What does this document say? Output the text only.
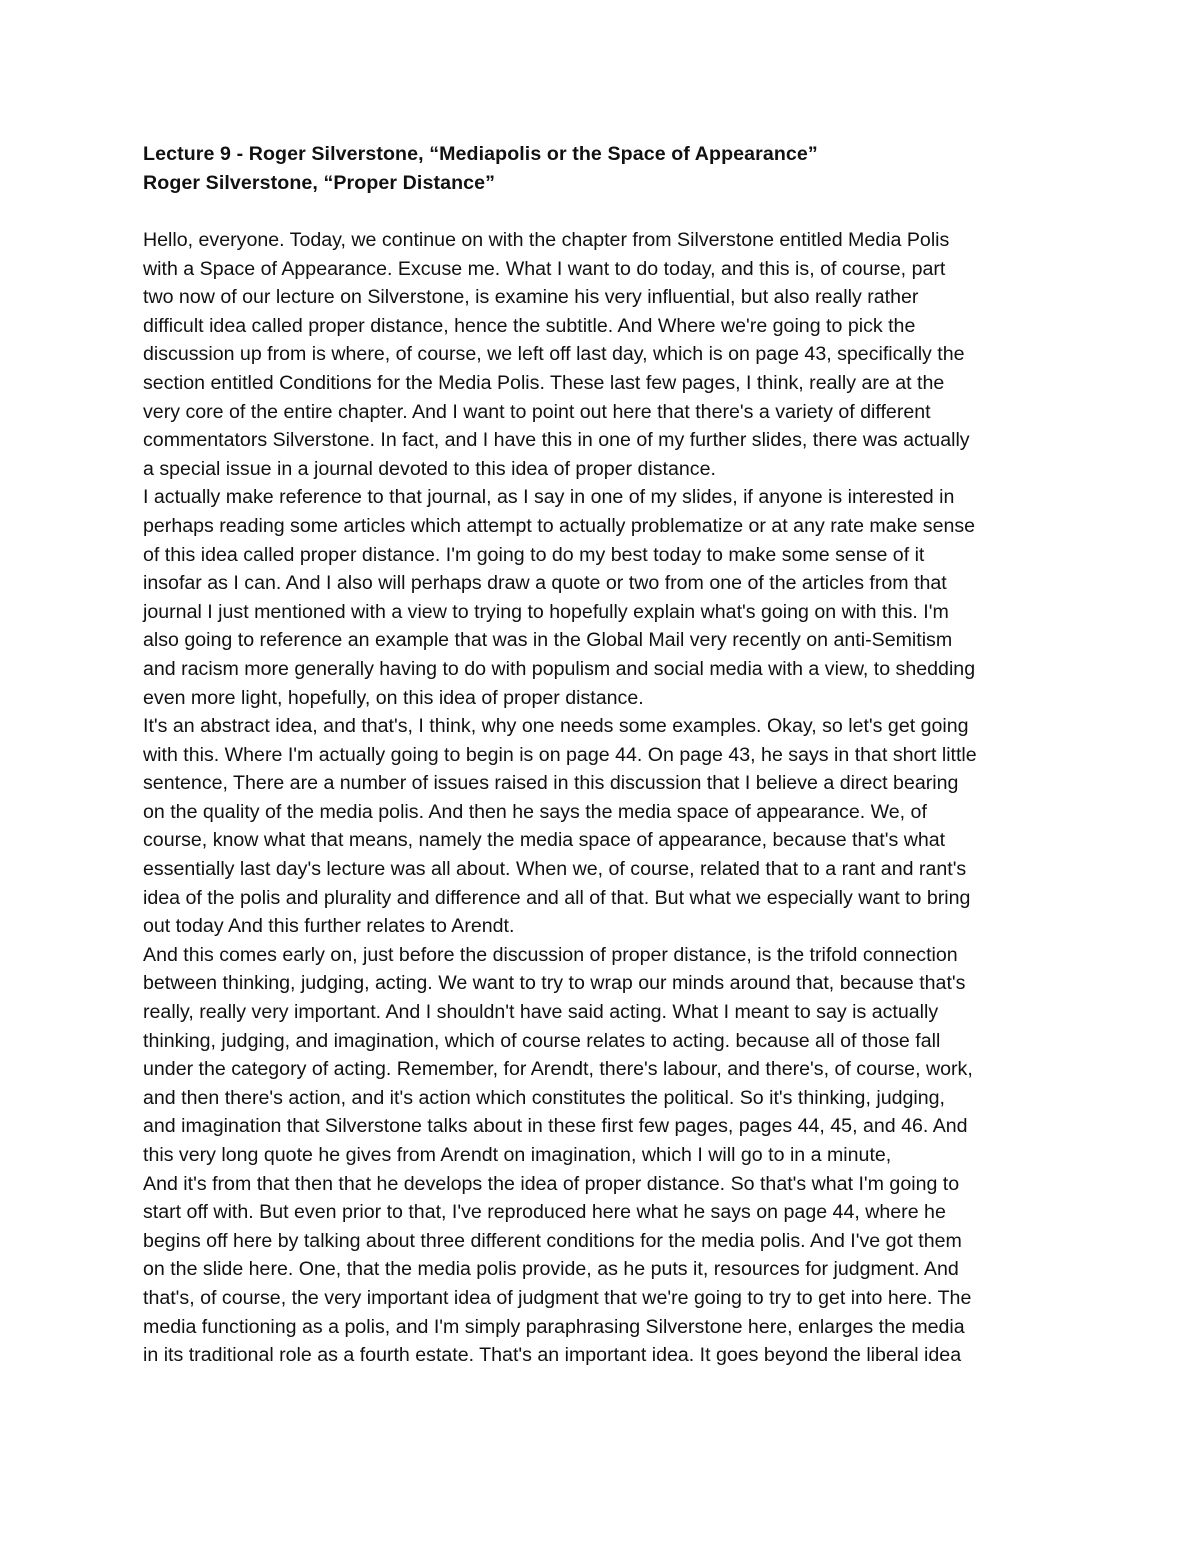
Lecture 9 - Roger Silverstone, “Mediapolis or the Space of Appearance”
Roger Silverstone, “Proper Distance”
Hello, everyone. Today, we continue on with the chapter from Silverstone entitled Media Polis
with a Space of Appearance. Excuse me. What I want to do today, and this is, of course, part
two now of our lecture on Silverstone, is examine his very influential, but also really rather
difficult idea called proper distance, hence the subtitle. And Where we're going to pick the
discussion up from is where, of course, we left off last day, which is on page 43, specifically the
section entitled Conditions for the Media Polis. These last few pages, I think, really are at the
very core of the entire chapter. And I want to point out here that there's a variety of different
commentators Silverstone. In fact, and I have this in one of my further slides, there was actually
a special issue in a journal devoted to this idea of proper distance.
I actually make reference to that journal, as I say in one of my slides, if anyone is interested in
perhaps reading some articles which attempt to actually problematize or at any rate make sense
of this idea called proper distance. I'm going to do my best today to make some sense of it
insofar as I can. And I also will perhaps draw a quote or two from one of the articles from that
journal I just mentioned with a view to trying to hopefully explain what's going on with this. I'm
also going to reference an example that was in the Global Mail very recently on anti-Semitism
and racism more generally having to do with populism and social media with a view, to shedding
even more light, hopefully, on this idea of proper distance.
It's an abstract idea, and that's, I think, why one needs some examples. Okay, so let's get going
with this. Where I'm actually going to begin is on page 44. On page 43, he says in that short little
sentence, There are a number of issues raised in this discussion that I believe a direct bearing
on the quality of the media polis. And then he says the media space of appearance. We, of
course, know what that means, namely the media space of appearance, because that's what
essentially last day's lecture was all about. When we, of course, related that to a rant and rant's
idea of the polis and plurality and difference and all of that. But what we especially want to bring
out today And this further relates to Arendt.
And this comes early on, just before the discussion of proper distance, is the trifold connection
between thinking, judging, acting. We want to try to wrap our minds around that, because that's
really, really very important. And I shouldn't have said acting. What I meant to say is actually
thinking, judging, and imagination, which of course relates to acting. because all of those fall
under the category of acting. Remember, for Arendt, there's labour, and there's, of course, work,
and then there's action, and it's action which constitutes the political. So it's thinking, judging,
and imagination that Silverstone talks about in these first few pages, pages 44, 45, and 46. And
this very long quote he gives from Arendt on imagination, which I will go to in a minute,
And it's from that then that he develops the idea of proper distance. So that's what I'm going to
start off with. But even prior to that, I've reproduced here what he says on page 44, where he
begins off here by talking about three different conditions for the media polis. And I've got them
on the slide here. One, that the media polis provide, as he puts it, resources for judgment. And
that's, of course, the very important idea of judgment that we're going to try to get into here. The
media functioning as a polis, and I'm simply paraphrasing Silverstone here, enlarges the media
in its traditional role as a fourth estate. That's an important idea. It goes beyond the liberal idea
